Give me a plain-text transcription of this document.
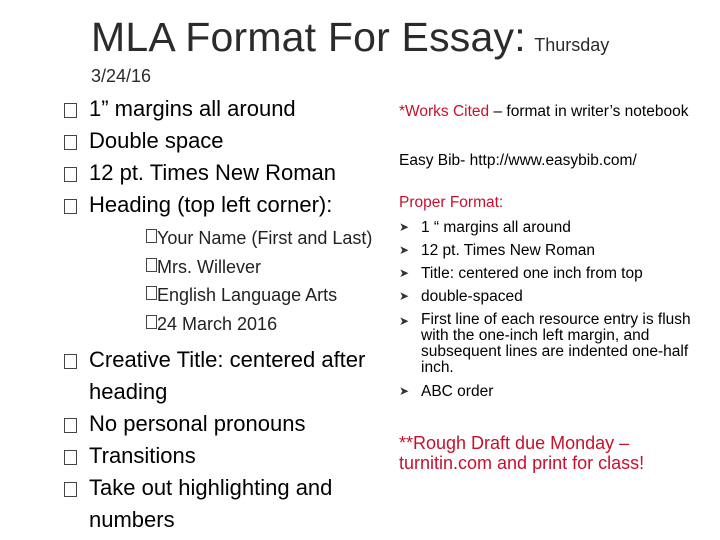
MLA Format For Essay: Thursday
3/24/16
1” margins all around
Double space
12 pt. Times New Roman
Heading (top left corner):
Your Name (First and Last)
Mrs. Willever
English Language Arts
24 March 2016
Creative Title: centered after heading
No personal pronouns
Transitions
Take out highlighting and numbers
*Works Cited – format in writer’s notebook
Easy Bib- http://www.easybib.com/
Proper Format:
➤ 1 “ margins all around
➤ 12 pt. Times New Roman
➤ Title: centered one inch from top
➤ double-spaced
➤ First line of each resource entry is flush with the one-inch left margin, and subsequent lines are indented one-half inch.
➤ ABC order
**Rough Draft due Monday – turnitin.com and print for class!
